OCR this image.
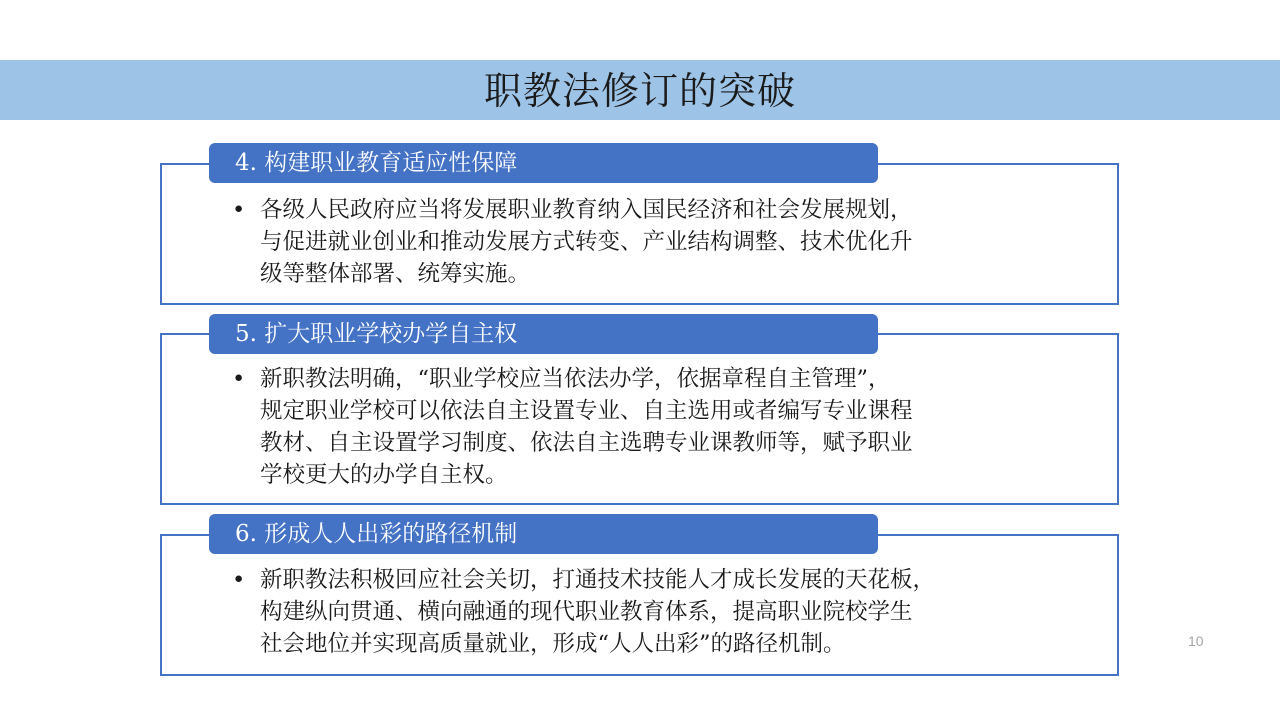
职教法修订的突破
4. 构建职业教育适应性保障
• 各级人民政府应当将发展职业教育纳入国民经济和社会发展规划，
与促进就业创业和推动发展方式转变、产业结构调整、技术优化升
级等整体部署、统筹实施。
5. 扩大职业学校办学自主权
• 新职教法明确，“职业学校应当依法办学，依据章程自主管理”，
规定职业学校可以依法自主设置专业、自主选用或者编写专业课程
教材、自主设置学习制度、依法自主选聘专业课教师等，赋予职业
学校更大的办学自主权。
6. 形成人人出彩的路径机制
• 新职教法积极回应社会关切，打通技术技能人才成长发展的天花板，
构建纵向贯通、横向融通的现代职业教育体系，提高职业院校学生
社会地位并实现高质量就业，形成“人人出彩”的路径机制。	10
